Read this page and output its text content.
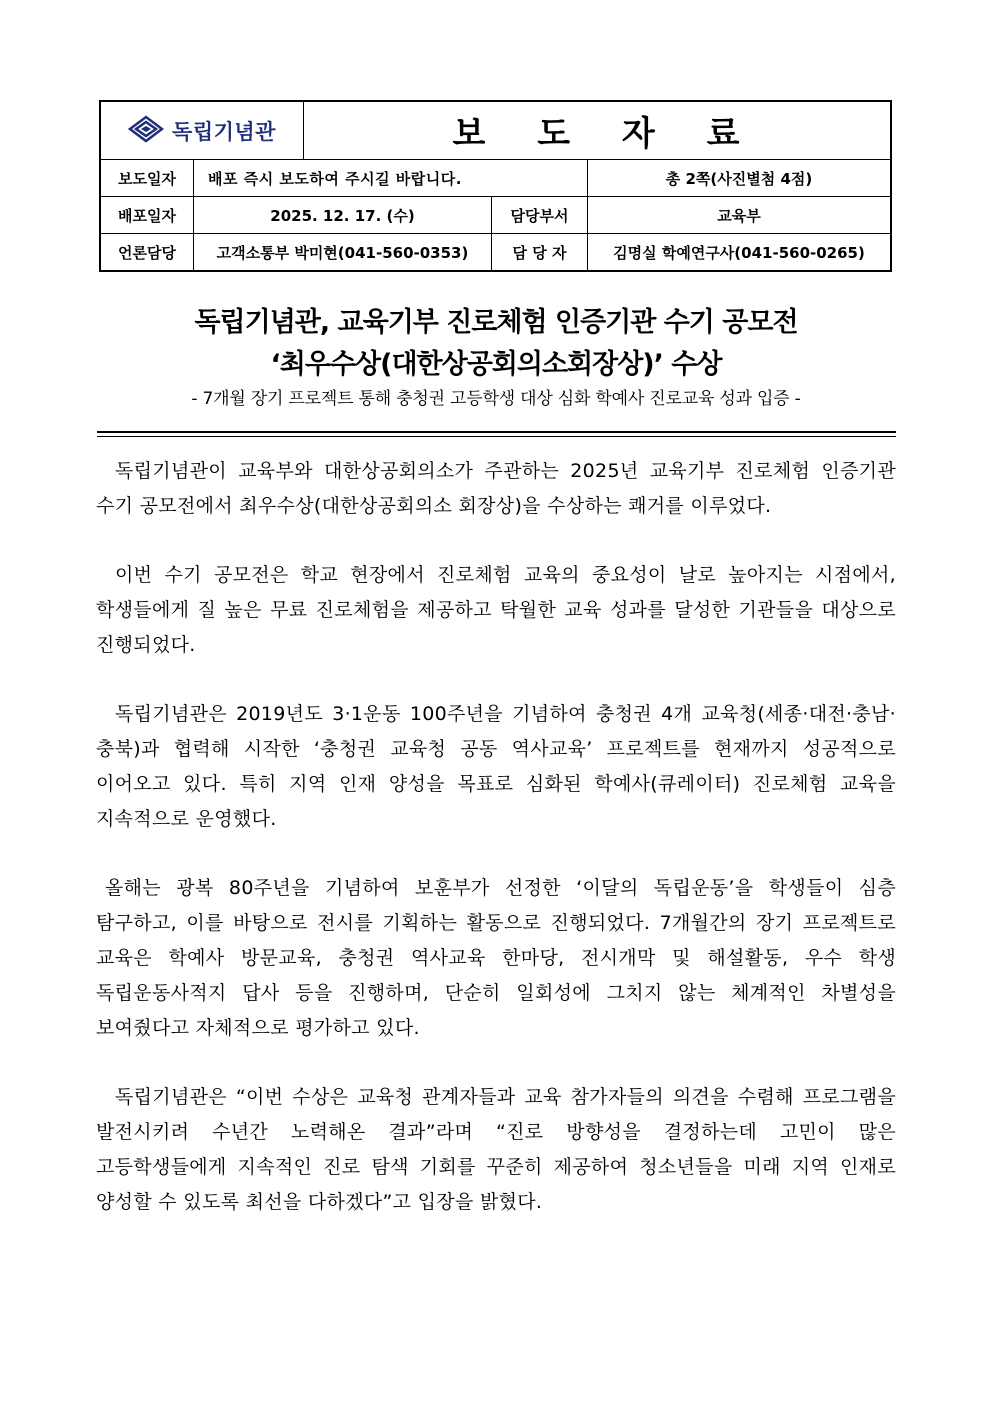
독립기념관	보 도 자 료
보도일자	배포 즉시 보도하여 주시길 바랍니다.	총 2쪽(사진별첨 4점)
배포일자	2025. 12. 17. (수)	담당부서	교육부
언론담당	고객소통부 박미현(041-560-0353)	담 당 자	김명실 학예연구사(041-560-0265)
독립기념관, 교육기부 진로체험 인증기관 수기 공모전
‘최우수상(대한상공회의소회장상)’ 수상
- 7개월 장기 프로젝트 통해 충청권 고등학생 대상 심화 학예사 진로교육 성과 입증 -

독립기념관이 교육부와 대한상공회의소가 주관하는 2025년 교육기부 진로체험 인증기관 수기 공모전에서 최우수상(대한상공회의소 회장상)을 수상하는 쾌거를 이루었다.

이번 수기 공모전은 학교 현장에서 진로체험 교육의 중요성이 날로 높아지는 시점에서, 학생들에게 질 높은 무료 진로체험을 제공하고 탁월한 교육 성과를 달성한 기관들을 대상으로 진행되었다.

독립기념관은 2019년도 3·1운동 100주년을 기념하여 충청권 4개 교육청(세종·대전·충남·충북)과 협력해 시작한 ‘충청권 교육청 공동 역사교육’ 프로젝트를 현재까지 성공적으로 이어오고 있다. 특히 지역 인재 양성을 목표로 심화된 학예사(큐레이터) 진로체험 교육을 지속적으로 운영했다.

올해는 광복 80주년을 기념하여 보훈부가 선정한 ‘이달의 독립운동’을 학생들이 심층 탐구하고, 이를 바탕으로 전시를 기획하는 활동으로 진행되었다. 7개월간의 장기 프로젝트로 교육은 학예사 방문교육, 충청권 역사교육 한마당, 전시개막 및 해설활동, 우수 학생 독립운동사적지 답사 등을 진행하며, 단순히 일회성에 그치지 않는 체계적인 차별성을 보여줬다고 자체적으로 평가하고 있다.

독립기념관은 “이번 수상은 교육청 관계자들과 교육 참가자들의 의견을 수렴해 프로그램을 발전시키려 수년간 노력해온 결과”라며 “진로 방향성을 결정하는데 고민이 많은 고등학생들에게 지속적인 진로 탐색 기회를 꾸준히 제공하여 청소년들을 미래 지역 인재로 양성할 수 있도록 최선을 다하겠다”고 입장을 밝혔다.
